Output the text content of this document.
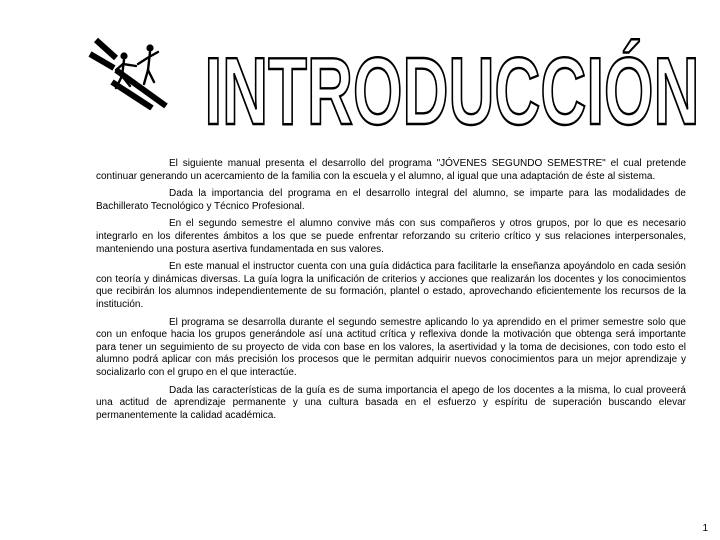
INTRODUCCIÓN

El siguiente manual presenta el desarrollo del programa "JÓVENES SEGUNDO SEMESTRE" el cual pretende continuar generando un acercamiento de la familia con la escuela y el alumno, al igual que una adaptación de éste al sistema.

Dada la importancia del programa en el desarrollo integral del alumno, se imparte para las modalidades de Bachillerato Tecnológico y Técnico Profesional.

En el segundo semestre el alumno convive más con sus compañeros y otros grupos, por lo que es necesario integrarlo en los diferentes ámbitos a los que se puede enfrentar reforzando su criterio crítico y sus relaciones interpersonales, manteniendo una postura asertiva fundamentada en sus valores.

En este manual el instructor cuenta con una guía didáctica para facilitarle la enseñanza apoyándolo en cada sesión con teoría y dinámicas diversas. La guía logra la unificación de criterios y acciones que realizarán los docentes y los conocimientos que recibirán los alumnos independientemente de su formación, plantel o estado, aprovechando eficientemente los recursos de la institución.

El programa se desarrolla durante el segundo semestre aplicando lo ya aprendido en el primer semestre solo que con un enfoque hacia los grupos generándole así una actitud crítica y reflexiva donde la motivación que obtenga será importante para tener un seguimiento de su proyecto de vida con base en los valores, la asertividad y la toma de decisiones, con todo esto el alumno podrá aplicar con más precisión los procesos que le permitan adquirir nuevos conocimientos para un mejor aprendizaje y socializarlo con el grupo en el que interactúe.

Dada las características de la guía es de suma importancia el apego de los docentes a la misma, lo cual proveerá una actitud de aprendizaje permanente y una cultura basada en el esfuerzo y espíritu de superación buscando elevar permanentemente la calidad académica.

1
